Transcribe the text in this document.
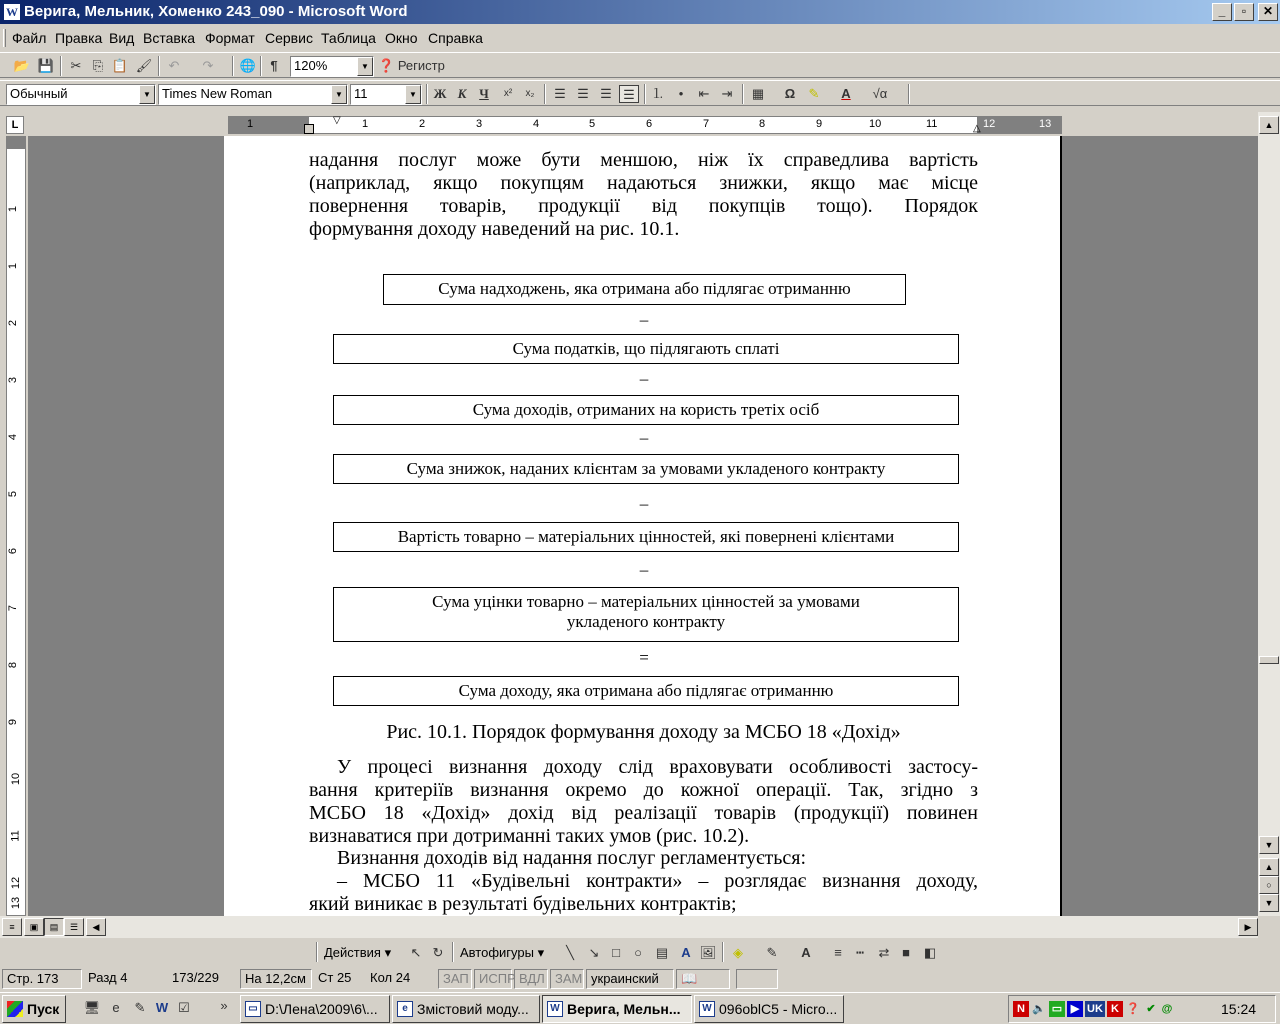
W Верига, Мельник, Хоменко 243_090 - Microsoft Word	_	▫	✕
Файл Правка Вид Вставка Формат Сервис Таблица Окно Справка
📂 💾	✂ ⎘ 📋 🖌	↶	↷	🌐	¶	120%	▼ ❓ Регистр
Обычный	▼ Times New Roman	▼ 11	▼	Ж К Ч	x²	x₂	☰ ☰ ☰ ☰	⒈	•	⇤ ⇥	▦	Ω	✎	A	√α
L	1	1	2	3	4	5	6	7	8	9	10	11	12	13
▽
△
1
1
2
3
4
5
6
7
8
9
10
11
12
13
надання послуг може бути меншою, ніж їх справедлива вартість
(наприклад, якщо покупцям надаються знижки, якщо має місце
повернення товарів, продукції від покупців тощо). Порядок
формування доходу наведений на рис. 10.1.
Сума надходжень, яка отримана або підлягає отриманню
–
Сума податків, що підлягають сплаті
–
Сума доходів, отриманих на користь третіх осіб
–
Сума знижок, наданих клієнтам за умовами укладеного контракту
–
Вартість товарно – матеріальних цінностей, які повернені клієнтами
–
Сума уцінки товарно – матеріальних цінностей за умовами
укладеного контракту
=
Сума доходу, яка отримана або підлягає отриманню
Рис. 10.1. Порядок формування доходу за МСБО 18 «Дохід»
У процесі визнання доходу слід враховувати особливості застосу-
вання критеріїв визнання окремо до кожної операції. Так, згідно з
МСБО 18 «Дохід» дохід від реалізації товарів (продукції) повинен
визнаватися при дотриманні таких умов (рис. 10.2).
Визнання доходів від надання послуг регламентується:
– МСБО 11 «Будівельні контракти» – розглядає визнання доходу,
який виникає в результаті будівельних контрактів;
▲
▼
▲
○
▼
≡	▣	▤	☰	◀	▶
Действия ▾	↖ ↻	Автофигуры ▾	╲	↘ □	○	▤	A 🖼	◈	✎	A	≡	┅	⇄ ■	◧
Стр. 173	Разд 4	173/229	На 12,2см Ст 25	Кол 24	ЗАП ИСПР ВДЛ ЗАМ украинский	📖
Пуск	🖥 e	✎ W ☑	»	▭ D:\Лена\2009\6\...	e Змістовий моду...	W Верига, Мельн...	W 096oblC5 - Micro...	N 🔈 ▭ ▶ UK K ❓ ✔ @	15:24
